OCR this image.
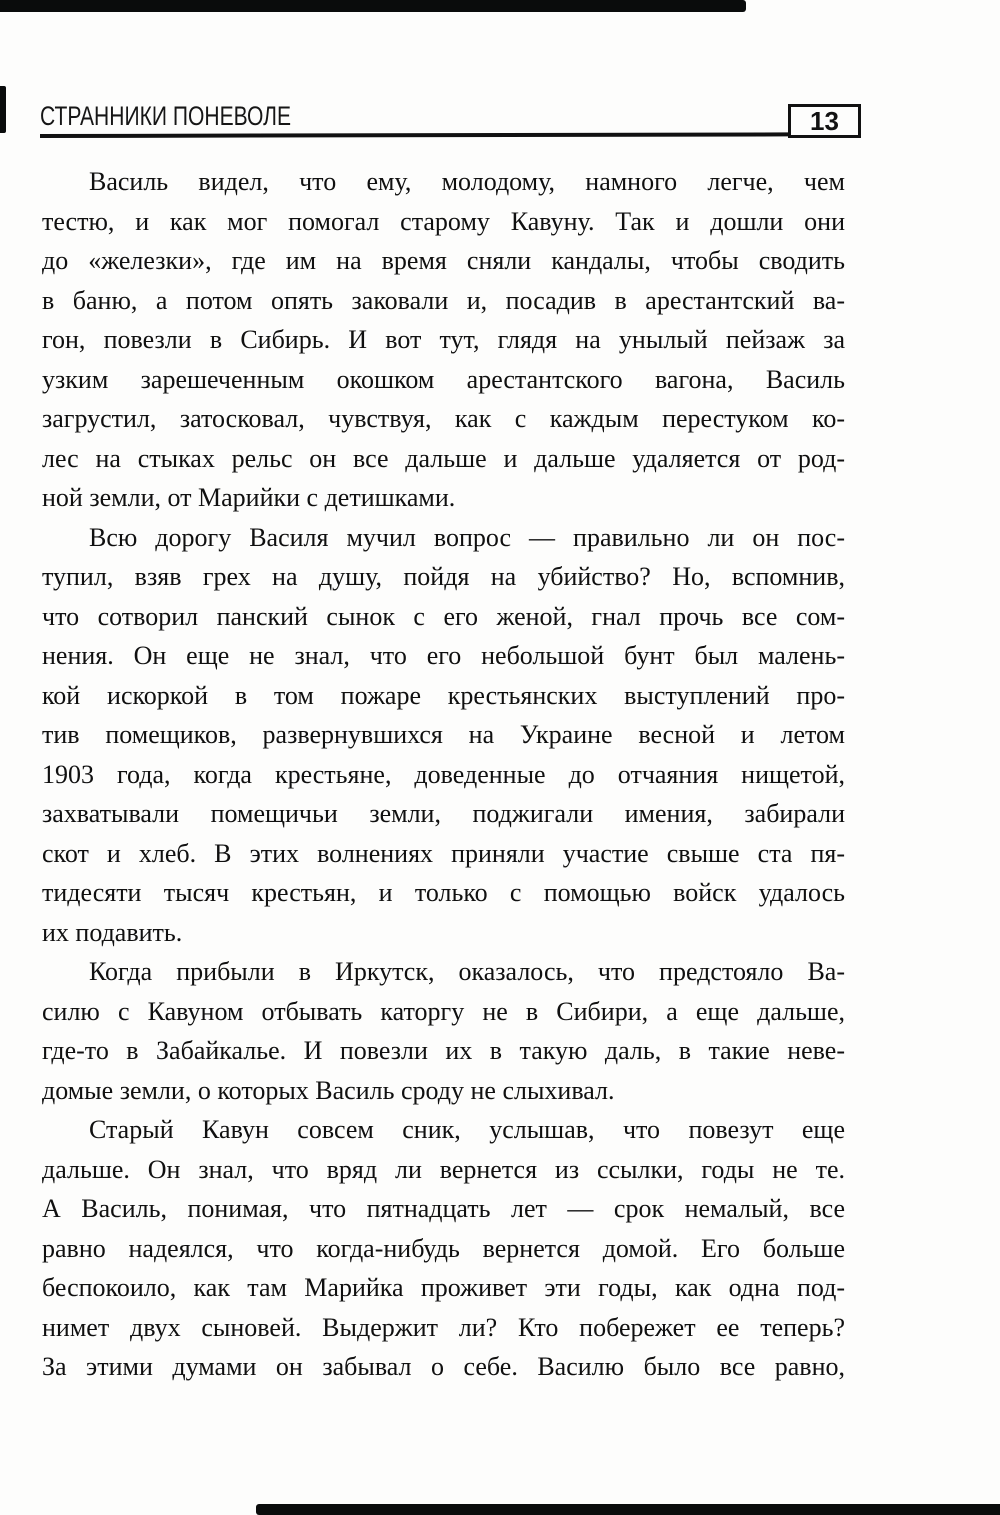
СТРАННИКИ ПОНЕВОЛЕ	13
Василь видел, что ему, молодому, намного легче, чем
тестю, и как мог помогал старому Кавуну. Так и дошли они
до «железки», где им на время сняли кандалы, чтобы сводить
в баню, а потом опять заковали и, посадив в арестантский ва-
гон, повезли в Сибирь. И вот тут, глядя на унылый пейзаж за
узким зарешеченным окошком арестантского вагона, Василь
загрустил, затосковал, чувствуя, как с каждым перестуком ко-
лес на стыках рельс он все дальше и дальше удаляется от род-
ной земли, от Марийки с детишками.
Всю дорогу Василя мучил вопрос — правильно ли он пос-
тупил, взяв грех на душу, пойдя на убийство? Но, вспомнив,
что сотворил панский сынок с его женой, гнал прочь все сом-
нения. Он еще не знал, что его небольшой бунт был малень-
кой искоркой в том пожаре крестьянских выступлений про-
тив помещиков, развернувшихся на Украине весной и летом
1903 года, когда крестьяне, доведенные до отчаяния нищетой,
захватывали помещичьи земли, поджигали имения, забирали
скот и хлеб. В этих волнениях приняли участие свыше ста пя-
тидесяти тысяч крестьян, и только с помощью войск удалось
их подавить.
Когда прибыли в Иркутск, оказалось, что предстояло Ва-
силю с Кавуном отбывать каторгу не в Сибири, а еще дальше,
где-то в Забайкалье. И повезли их в такую даль, в такие неве-
домые земли, о которых Василь сроду не слыхивал.
Старый Кавун совсем сник, услышав, что повезут еще
дальше. Он знал, что вряд ли вернется из ссылки, годы не те.
А Василь, понимая, что пятнадцать лет — срок немалый, все
равно надеялся, что когда-нибудь вернется домой. Его больше
беспокоило, как там Марийка проживет эти годы, как одна под-
нимет двух сыновей. Выдержит ли? Кто побережет ее теперь?
За этими думами он забывал о себе. Василю было все равно,
